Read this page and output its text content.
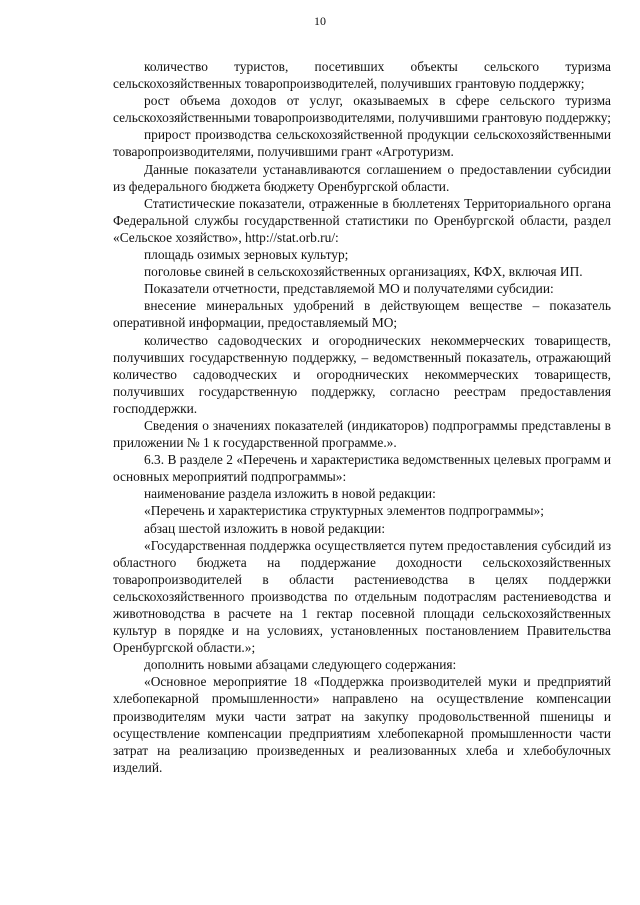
10

количество туристов, посетивших объекты сельского туризма сельскохозяйственных товаропроизводителей, получивших грантовую поддержку;

рост объема доходов от услуг, оказываемых в сфере сельского туризма сельскохозяйственными товаропроизводителями, получившими грантовую поддержку;

прирост производства сельскохозяйственной продукции сельскохозяйственными товаропроизводителями, получившими грант «Агротуризм.

Данные показатели устанавливаются соглашением о предоставлении субсидии из федерального бюджета бюджету Оренбургской области.

Статистические показатели, отраженные в бюллетенях Территориального органа Федеральной службы государственной статистики по Оренбургской области, раздел «Сельское хозяйство», http://stat.orb.ru/:

площадь озимых зерновых культур;

поголовье свиней в сельскохозяйственных организациях, КФХ, включая ИП.

Показатели отчетности, представляемой МО и получателями субсидии:

внесение минеральных удобрений в действующем веществе – показатель оперативной информации, предоставляемый МО;

количество садоводческих и огороднических некоммерческих товариществ, получивших государственную поддержку, – ведомственный показатель, отражающий количество садоводческих и огороднических некоммерческих товариществ, получивших государственную поддержку, согласно реестрам предоставления господдержки.

Сведения о значениях показателей (индикаторов) подпрограммы представлены в приложении № 1 к государственной программе.».

6.3. В разделе 2 «Перечень и характеристика ведомственных целевых программ и основных мероприятий подпрограммы»:

наименование раздела изложить в новой редакции:

«Перечень и характеристика структурных элементов подпрограммы»;

абзац шестой изложить в новой редакции:

«Государственная поддержка осуществляется путем предоставления субсидий из областного бюджета на поддержание доходности сельскохозяйственных товаропроизводителей в области растениеводства в целях поддержки сельскохозяйственного производства по отдельным подотраслям растениеводства и животноводства в расчете на 1 гектар посевной площади сельскохозяйственных культур в порядке и на условиях, установленных постановлением Правительства Оренбургской области.»;

дополнить новыми абзацами следующего содержания:

«Основное мероприятие 18 «Поддержка производителей муки и предприятий хлебопекарной промышленности» направлено на осуществление компенсации производителям муки части затрат на закупку продовольственной пшеницы и осуществление компенсации предприятиям хлебопекарной промышленности части затрат на реализацию произведенных и реализованных хлеба и хлебобулочных изделий.
